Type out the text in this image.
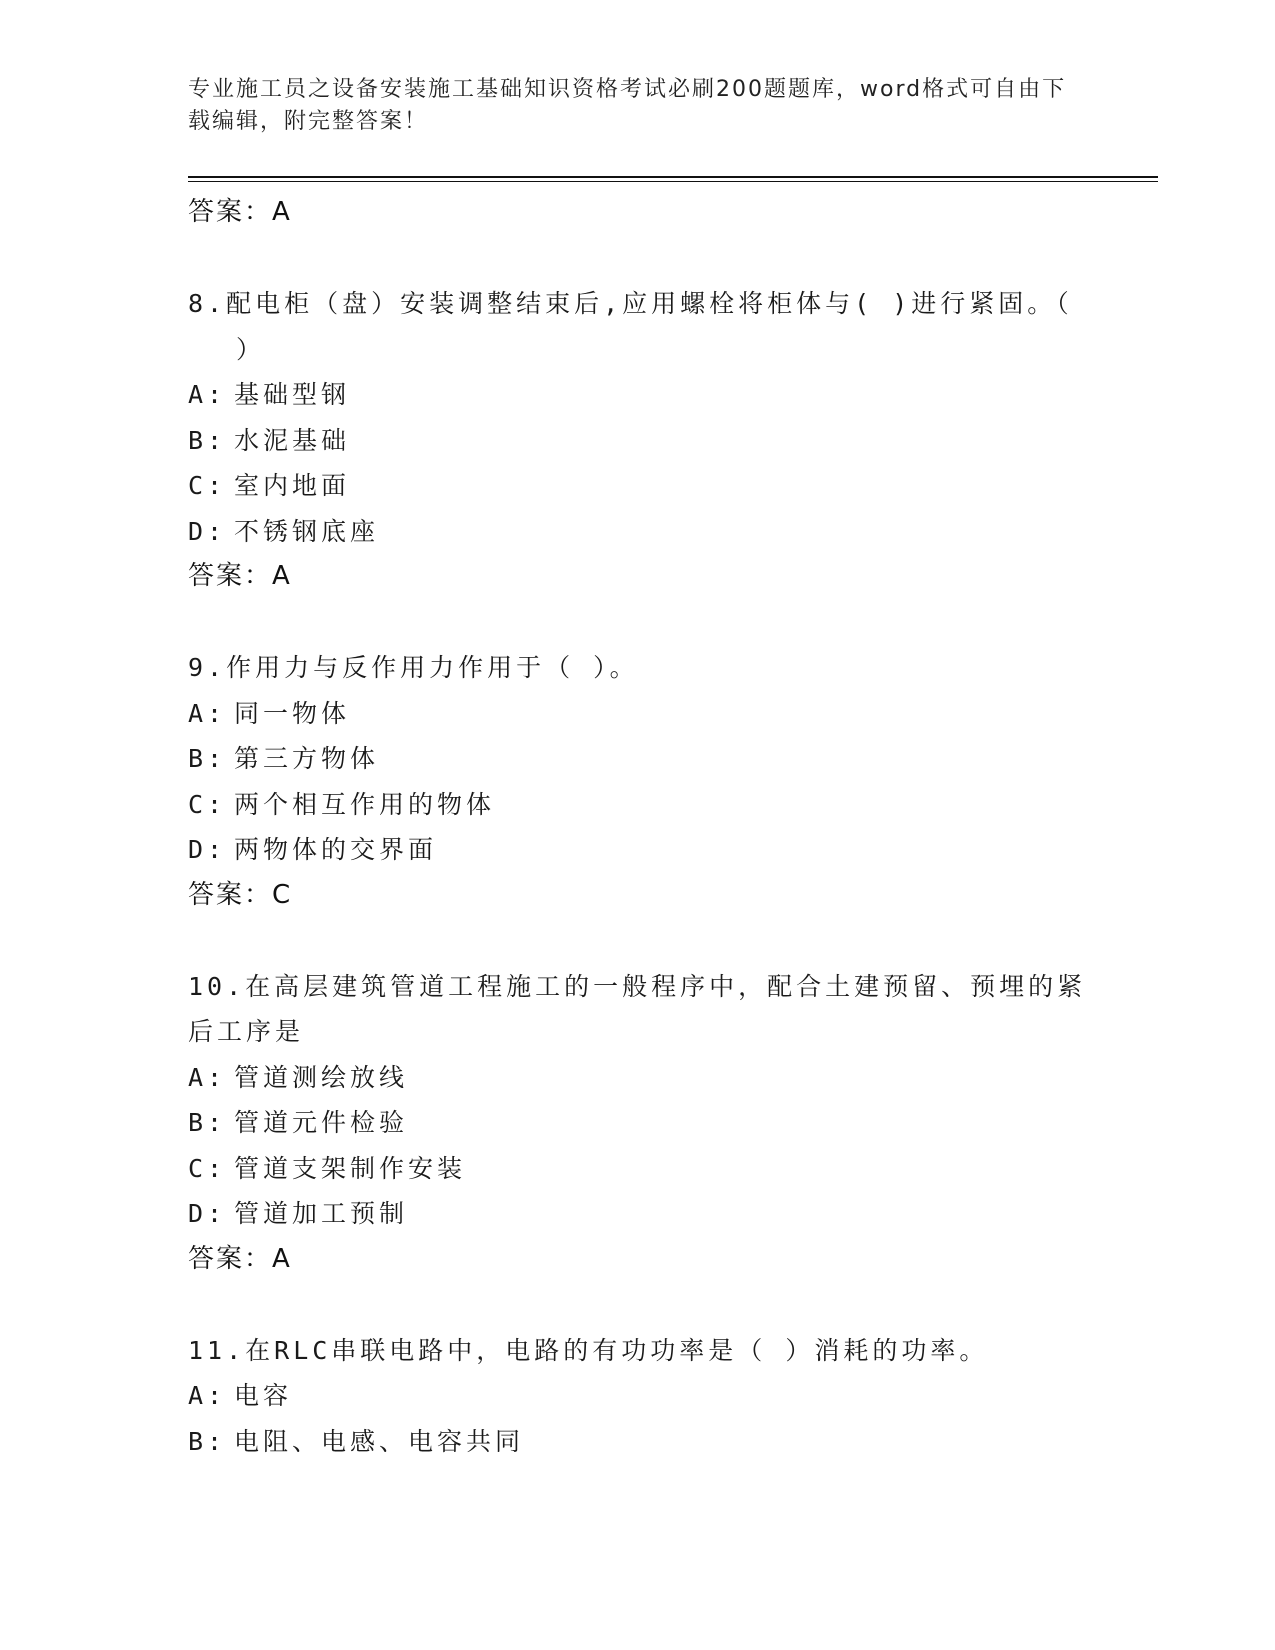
专业施工员之设备安装施工基础知识资格考试必刷200题题库，word格式可自由下载编辑，附完整答案！

答案：A

8.配电柜（盘）安装调整结束后,应用螺栓将柜体与( )进行紧固。（

）

A: 基础型钢
B: 水泥基础
C: 室内地面
D: 不锈钢底座

答案：A

9.作用力与反作用力作用于（ ）。

A: 同一物体
B: 第三方物体
C: 两个相互作用的物体
D: 两物体的交界面

答案：C

10.在高层建筑管道工程施工的一般程序中，配合土建预留、预埋的紧

后工序是

A: 管道测绘放线
B: 管道元件检验
C: 管道支架制作安装
D: 管道加工预制

答案：A

11.在RLC串联电路中，电路的有功功率是（ ）消耗的功率。

A: 电容
B: 电阻、电感、电容共同
